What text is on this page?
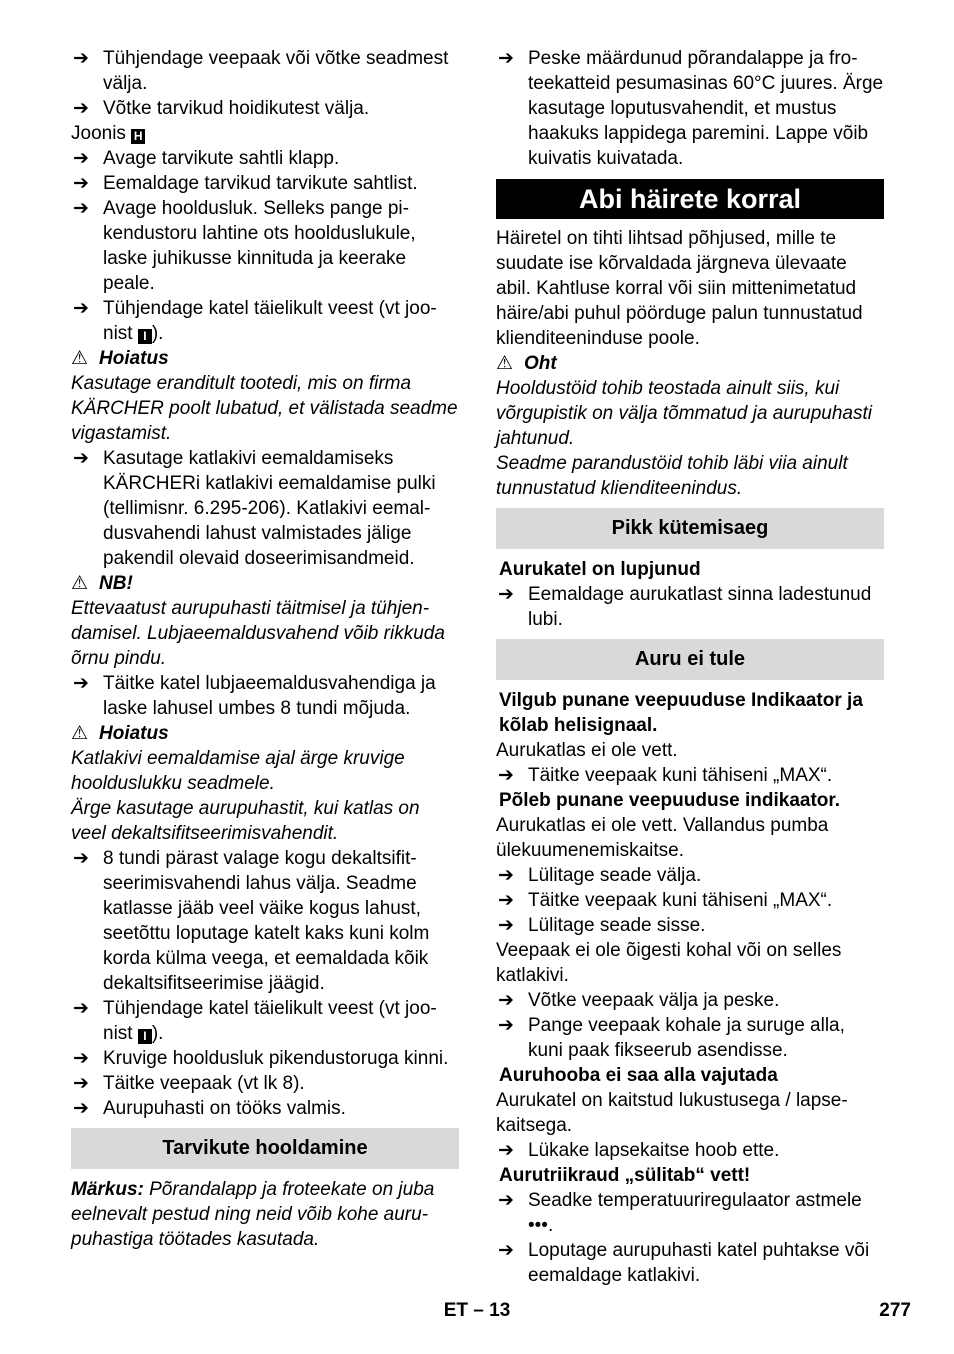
➔ Tühjendage veepaak või võtke seadmest välja.

➔ Võtke tarvikud hoidikutest välja.

Joonis H

➔ Avage tarvikute sahtli klapp.

➔ Eemaldage tarvikud tarvikute sahtlist.

➔ Avage hooldusluk. Selleks pange pikendustoru lahtine ots hoolduslukule, laske juhikusse kinnituda ja keerake peale.

➔ Tühjendage katel täielikult veest (vt joonist I ).

⚠ Hoiatus

Kasutage eranditult tootedi, mis on firma KÄRCHER poolt lubatud, et välistada seadme vigastamist.

➔ Kasutage katlakivi eemaldamiseks KÄRCHERi katlakivi eemaldamise pulki (tellimisnr. 6.295-206). Katlakivi eemaldusvahendi lahust valmistades jälige pakendil olevaid doseerimisandmeid.

⚠ NB!

Ettevaatust aurupuhasti täitmisel ja tühjendamisel. Lubjaeemaldusvahend võib rikkuda õrnu pindu.

➔ Täitke katel lubjaeemaldusvahendiga ja laske lahusel umbes 8 tundi mõjuda.

⚠ Hoiatus

Katlakivi eemaldamise ajal ärge kruvige hoolduslukku seadmele.

Ärge kasutage aurupuhastit, kui katlas on veel dekaltsifitseerimisvahendit.

➔ 8 tundi pärast valage kogu dekaltsifitseerimisvahendi lahus välja. Seadme katlasse jääb veel väike kogus lahust, seetõttu loputage katelt kaks kuni kolm korda külma veega, et eemaldada kõik dekaltsifitseerimise jäägid.

➔ Tühjendage katel täielikult veest (vt joonist I ).

➔ Kruvige hooldusluk pikendustoruga kinni.

➔ Täitke veepaak (vt lk 8).

➔ Aurupuhasti on tööks valmis.

Tarvikute hooldamine

Märkus: Põrandalapp ja froteekate on juba eelnevalt pestud ning neid võib kohe aurupuhastiga töötades kasutada.

➔ Peske määrdunud põrandalappe ja froteekatteid pesumasinas 60°C juures. Ärge kasutage loputusvahendit, et mustus haakuks lappidega paremini. Lappe võib kuivatis kuivatada.

Abi häirete korral

Häiretel on tihti lihtsad põhjused, mille te suudate ise kõrvaldada järgneva ülevaate abil. Kahtluse korral või siin mittenimetatud häire/abi puhul pöörduge palun tunnustatud klienditeeninduse poole.

⚠ Oht

Hooldustöid tohib teostada ainult siis, kui võrgupistik on välja tõmmatud ja aurupuhasti jahtunud.

Seadme parandustöid tohib läbi viia ainult tunnustatud klienditeenindus.

Pikk kütemisaeg

Aurukatel on lupjunud

➔ Eemaldage aurukatlast sinna ladestunud lubi.

Auru ei tule

Vilgub punane veepuuduse Indikaator ja kõlab helisignaal.

Aurukatlas ei ole vett.

➔ Täitke veepaak kuni tähiseni „MAX“.

Põleb punane veepuuduse indikaator.

Aurukatlas ei ole vett. Vallandus pumba ülekuumenemiskaitse.

➔ Lülitage seade välja.

➔ Täitke veepaak kuni tähiseni „MAX“.

➔ Lülitage seade sisse.

Veepaak ei ole õigesti kohal või on selles katlakivi.

➔ Võtke veepaak välja ja peske.

➔ Pange veepaak kohale ja suruge alla, kuni paak fikseerub asendisse.

Auruhooba ei saa alla vajutada

Aurukatel on kaitstud lukustusega / lapsekaitsega.

➔ Lükake lapsekaitse hoob ette.

Aurutriikraud „sülitab“ vett!

➔ Seadke temperatuuriregulaator astmele •••.

➔ Loputage aurupuhasti katel puhtakse või eemaldage katlakivi.

ET – 13	277
